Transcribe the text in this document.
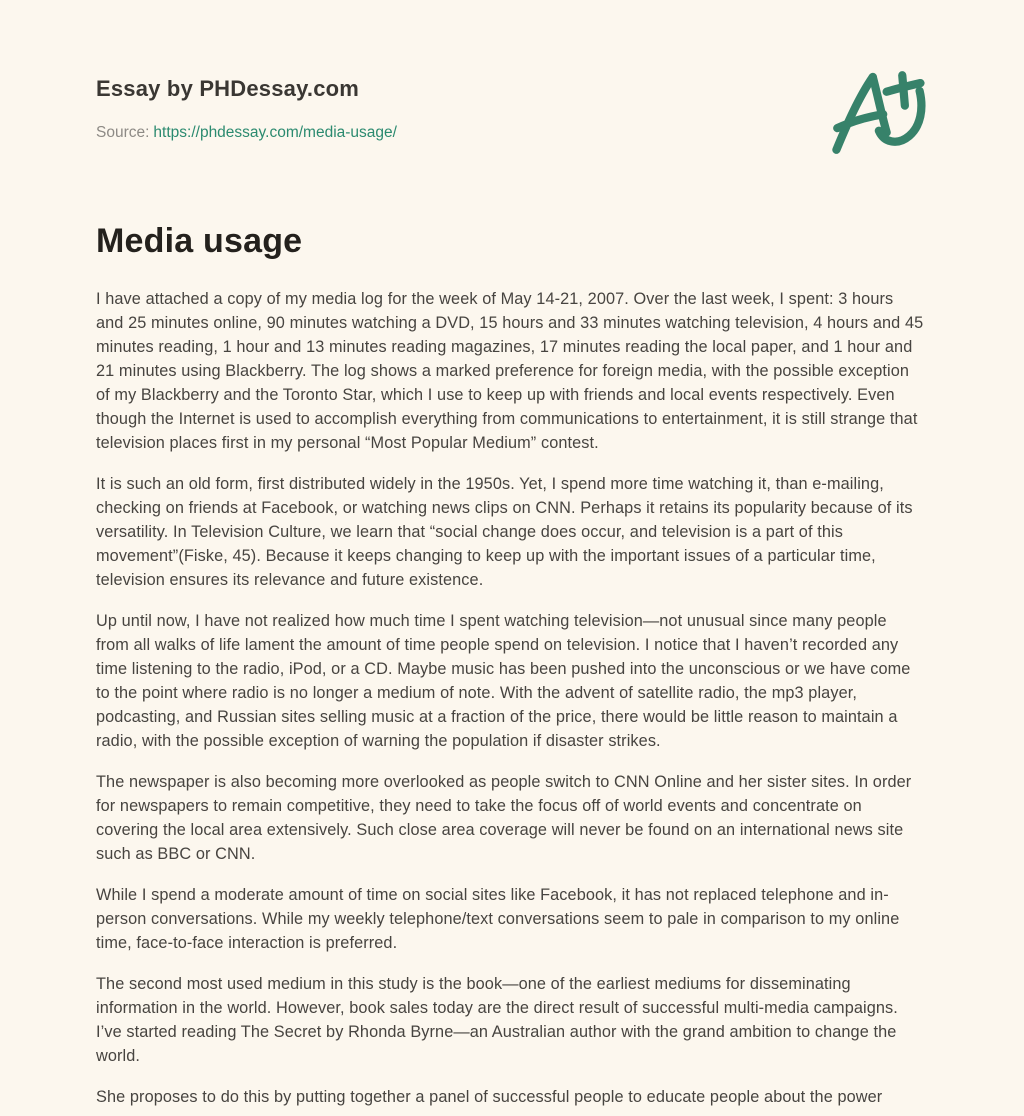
Essay by PHDessay.com
Source: https://phdessay.com/media-usage/
Media usage

I have attached a copy of my media log for the week of May 14-21, 2007. Over the last week, I spent: 3 hours and 25 minutes online, 90 minutes watching a DVD, 15 hours and 33 minutes watching television, 4 hours and 45 minutes reading, 1 hour and 13 minutes reading magazines, 17 minutes reading the local paper, and 1 hour and 21 minutes using Blackberry. The log shows a marked preference for foreign media, with the possible exception of my Blackberry and the Toronto Star, which I use to keep up with friends and local events respectively. Even though the Internet is used to accomplish everything from communications to entertainment, it is still strange that television places first in my personal “Most Popular Medium” contest.

It is such an old form, first distributed widely in the 1950s. Yet, I spend more time watching it, than e-mailing, checking on friends at Facebook, or watching news clips on CNN. Perhaps it retains its popularity because of its versatility. In Television Culture, we learn that “social change does occur, and television is a part of this movement”(Fiske, 45). Because it keeps changing to keep up with the important issues of a particular time, television ensures its relevance and future existence.

Up until now, I have not realized how much time I spent watching television—not unusual since many people from all walks of life lament the amount of time people spend on television. I notice that I haven’t recorded any time listening to the radio, iPod, or a CD. Maybe music has been pushed into the unconscious or we have come to the point where radio is no longer a medium of note. With the advent of satellite radio, the mp3 player, podcasting, and Russian sites selling music at a fraction of the price, there would be little reason to maintain a radio, with the possible exception of warning the population if disaster strikes.

The newspaper is also becoming more overlooked as people switch to CNN Online and her sister sites. In order for newspapers to remain competitive, they need to take the focus off of world events and concentrate on covering the local area extensively. Such close area coverage will never be found on an international news site such as BBC or CNN.

While I spend a moderate amount of time on social sites like Facebook, it has not replaced telephone and in-person conversations. While my weekly telephone/text conversations seem to pale in comparison to my online time, face-to-face interaction is preferred.

The second most used medium in this study is the book—one of the earliest mediums for disseminating information in the world. However, book sales today are the direct result of successful multi-media campaigns. I’ve started reading The Secret by Rhonda Byrne—an Australian author with the grand ambition to change the world.

She proposes to do this by putting together a panel of successful people to educate people about the power
